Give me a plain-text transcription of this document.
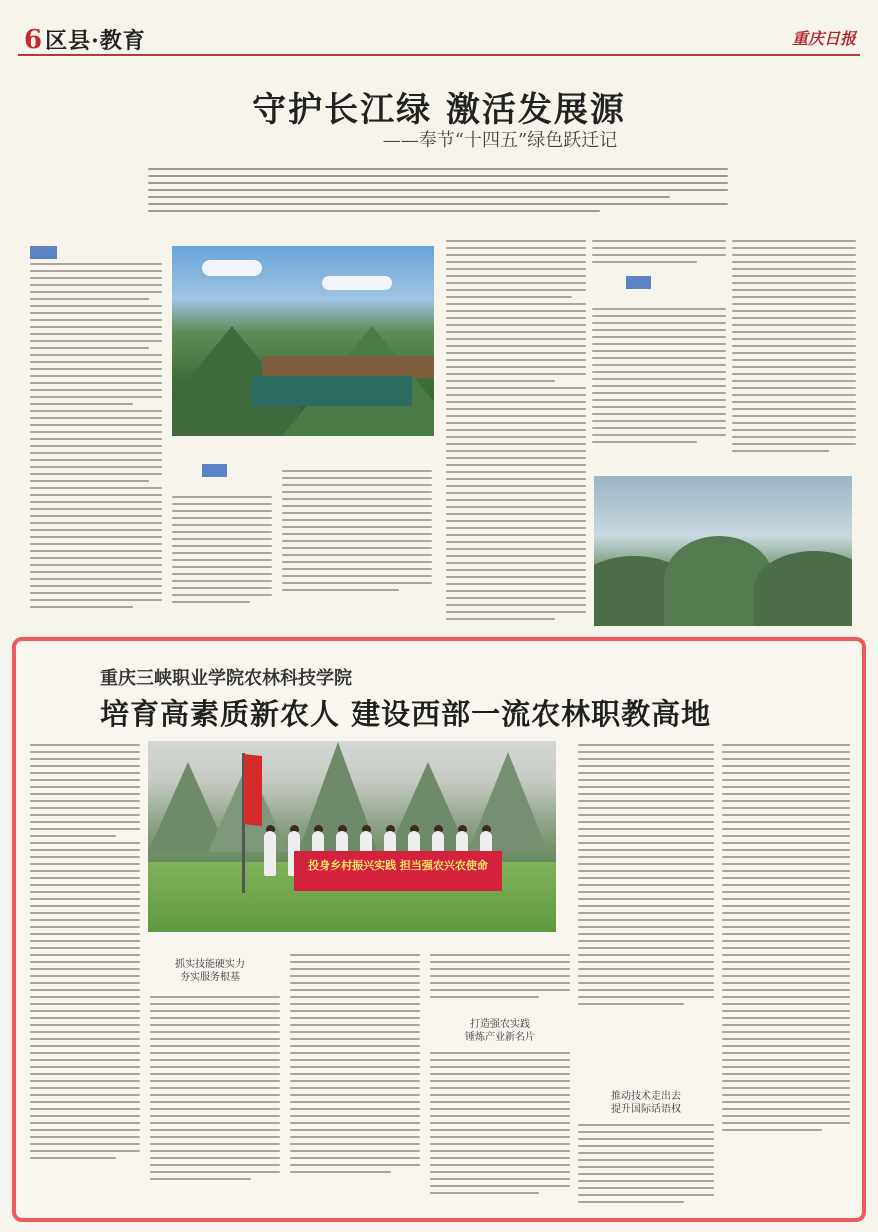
6区县·教育	重庆日报
守护长江绿 激活发展源
——奉节“十四五”绿色跃迁记

重庆三峡职业学院农林科技学院
培育高素质新农人 建设西部一流农林职教高地
投身乡村振兴实践 担当强农兴农使命
抓实技能硬实力
夯实服务根基
打造强农实践
锤炼产业新名片
推动技术走出去
提升国际话语权
